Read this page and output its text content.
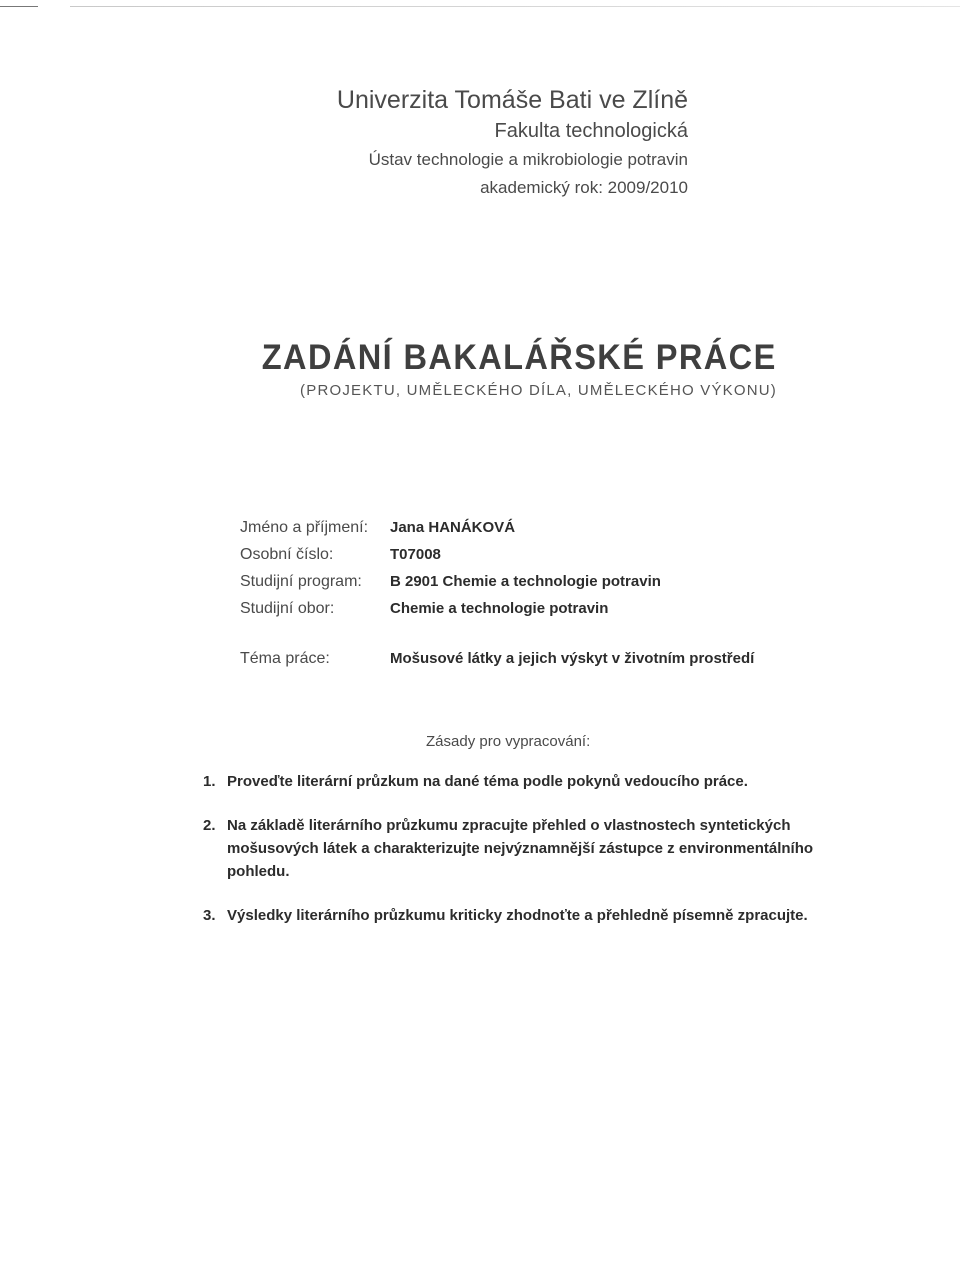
Univerzita Tomáše Bati ve Zlíně
Fakulta technologická
Ústav technologie a mikrobiologie potravin
akademický rok: 2009/2010
ZADÁNÍ BAKALÁŘSKÉ PRÁCE
(PROJEKTU, UMĚLECKÉHO DÍLA, UMĚLECKÉHO VÝKONU)
Jméno a příjmení:	Jana HANÁKOVÁ
Osobní číslo:	T07008
Studijní program:	B 2901 Chemie a technologie potravin
Studijní obor:	Chemie a technologie potravin
Téma práce:	Mošusové látky a jejich výskyt v životním prostředí
Zásady pro vypracování:
1. Proveďte literární průzkum na dané téma podle pokynů vedoucího práce.
2. Na základě literárního průzkumu zpracujte přehled o vlastnostech syntetických mošusových látek a charakterizujte nejvýznamnější zástupce z environmentálního pohledu.
3. Výsledky literárního průzkumu kriticky zhodnoťte a přehledně písemně zpracujte.
